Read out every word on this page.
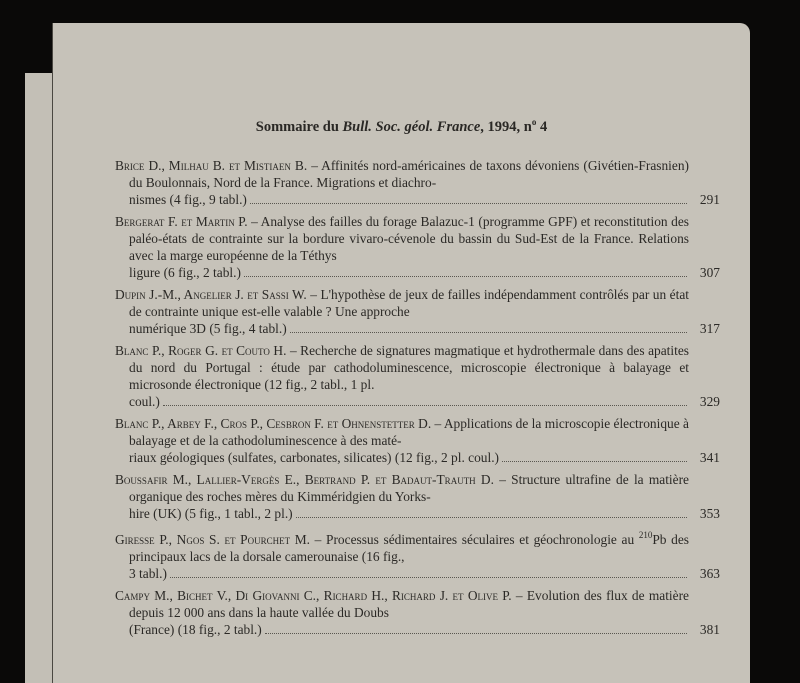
Sommaire du Bull. Soc. géol. France, 1994, $n^o$ 4
Brice D., Milhau B. et Mistiaen B. – Affinités nord-américaines de taxons dévoniens (Givétien-Frasnien) du Boulonnais, Nord de la France. Migrations et diachro-
nismes (4 fig., 9 tabl.)	291
Bergerat F. et Martin P. – Analyse des failles du forage Balazuc-1 (programme GPF) et reconstitution des paléo-états de contrainte sur la bordure vivaro-cévenole du bassin du Sud-Est de la France. Relations avec la marge européenne de la Téthys
ligure (6 fig., 2 tabl.)	307
Dupin J.-M., Angelier J. et Sassi W. – L'hypothèse de jeux de failles indépendamment contrôlés par un état de contrainte unique est-elle valable ? Une approche
numérique 3D (5 fig., 4 tabl.)	317
Blanc P., Roger G. et Couto H. – Recherche de signatures magmatique et hydrothermale dans des apatites du nord du Portugal : étude par cathodoluminescence, microscopie électronique à balayage et microsonde électronique (12 fig., 2 tabl., 1 pl.
coul.)	329
Blanc P., Arbey F., Cros P., Cesbron F. et Ohnenstetter D. – Applications de la microscopie électronique à balayage et de la cathodoluminescence à des maté-
riaux géologiques (sulfates, carbonates, silicates) (12 fig., 2 pl. coul.)	341
Boussafir M., Lallier-Vergès E., Bertrand P. et Badaut-Trauth D. – Structure ultrafine de la matière organique des roches mères du Kimméridgien du Yorks-
hire (UK) (5 fig., 1 tabl., 2 pl.)	353
Giresse P., Ngos S. et Pourchet M. – Processus sédimentaires séculaires et géochronologie au $^{210}$Pb des principaux lacs de la dorsale camerounaise (16 fig.,
3 tabl.)	363
Campy M., Bichet V., Di Giovanni C., Richard H., Richard J. et Olive P. – Evolution des flux de matière depuis 12 000 ans dans la haute vallée du Doubs
(France) (18 fig., 2 tabl.)	381
